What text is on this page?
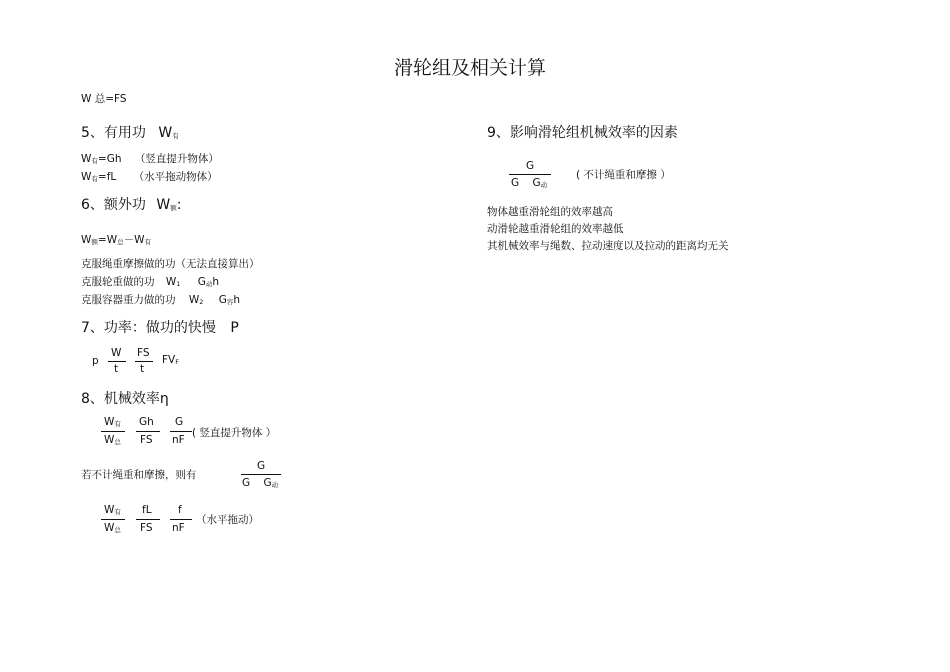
滑轮组及相关计算
W 总=FS
5、有用功 W有
W有=Gh （竖直提升物体）
W有=fL （水平拖动物体）
6、额外功 W额:
W额=W总－W有
克服绳重摩擦做的功（无法直接算出）
克服轮重做的功 W1 G动h
克服容器重力做的功 W2 G容h
7、功率：做功的快慢 P
p
W
t
FS
t
FVF
8、机械效率η
W有
W总
Gh
FS
G
nF
( 竖直提升物体 ）
若不计绳重和摩擦，则有
G
G G动
W有
W总
fL
FS
f
nF
（水平拖动）
9、影响滑轮组机械效率的因素
G
G G动
( 不计绳重和摩擦 ）
物体越重滑轮组的效率越高
动滑轮越重滑轮组的效率越低
其机械效率与绳数、拉动速度以及拉动的距离均无关
